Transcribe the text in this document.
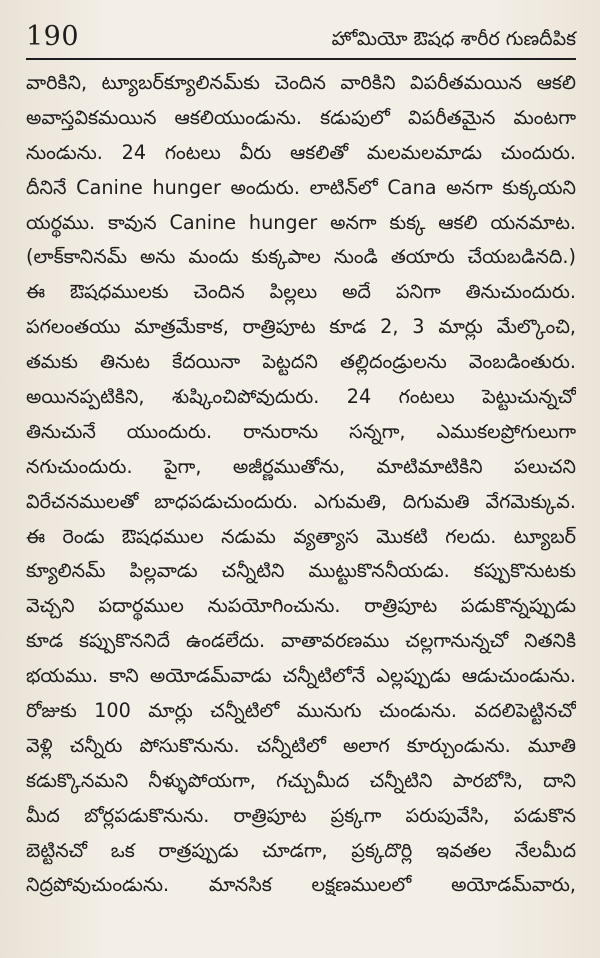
190	హోమియో ఔషధ శారీర గుణదీపిక
వారికిని, ట్యూబర్‌క్యూలినమ్‌కు చెందిన వారికిని విపరీతమయిన ఆకలి
అవాస్తవికమయిన ఆకలియుండును. కడుపులో విపరీతమైన మంటగా
నుండును. 24 గంటలు వీరు ఆకలితో మలమలమాడు చుందురు.
దీనినే Canine hunger అందురు. లాటిన్‌లో Cana అనగా కుక్కయని
యర్థము. కావున Canine hunger అనగా కుక్క ఆకలి యనమాట.
(లాక్‌కానినమ్ అను మందు కుక్కపాల నుండి తయారు చేయబడినది.)
ఈ ఔషధములకు చెందిన పిల్లలు అదే పనిగా తినుచుందురు.
పగలంతయు మాత్రమేకాక, రాత్రిపూట కూడ 2, 3 మార్లు మేల్కొంచి,
తమకు తినుట కేదయినా పెట్టదని తల్లిదండ్రులను వెంబడింతురు.
అయినప్పటికిని, శుష్కించిపోవుదురు. 24 గంటలు పెట్టుచున్నచో
తినుచునే యుందురు. రానురాను సన్నగా, ఎముకలప్రోగులుగా
నగుచుందురు. పైగా, అజీర్ణముతోను, మాటిమాటికిని పలుచని
విరేచనములతో బాధపడుచుందురు. ఎగుమతి, దిగుమతి వేగమెక్కువ.
ఈ రెండు ఔషధముల నడుమ వ్యత్యాస మొకటి గలదు. ట్యూబర్
క్యూలినమ్ పిల్లవాడు చన్నీటిని ముట్టుకొననీయడు. కప్పుకొనుటకు
వెచ్చని పదార్థముల నుపయోగించును. రాత్రిపూట పడుకొన్నప్పుడు
కూడ కప్పుకొననిదే ఉండలేదు. వాతావరణము చల్లగానున్నచో నితనికి
భయము. కాని అయోడమ్‌వాడు చన్నీటిలోనే ఎల్లప్పుడు ఆడుచుండును.
రోజుకు 100 మార్లు చన్నీటిలో మునుగు చుండును. వదలిపెట్టినచో
వెళ్లి చన్నీరు పోసుకొనును. చన్నీటిలో అలాగ కూర్చుండును. మూతి
కడుక్కొనమని నీళ్ళుపోయగా, గచ్చుమీద చన్నీటిని పారబోసి, దాని
మీద బోర్లపడుకొనును. రాత్రిపూట ప్రక్కగా పరుపువేసి, పడుకొన
బెట్టినచో ఒక రాత్రప్పుడు చూడగా, ప్రక్కదొర్లి ఇవతల నేలమీద
నిద్రపోవుచుండును. మానసిక లక్షణములలో అయోడమ్‌వారు,
